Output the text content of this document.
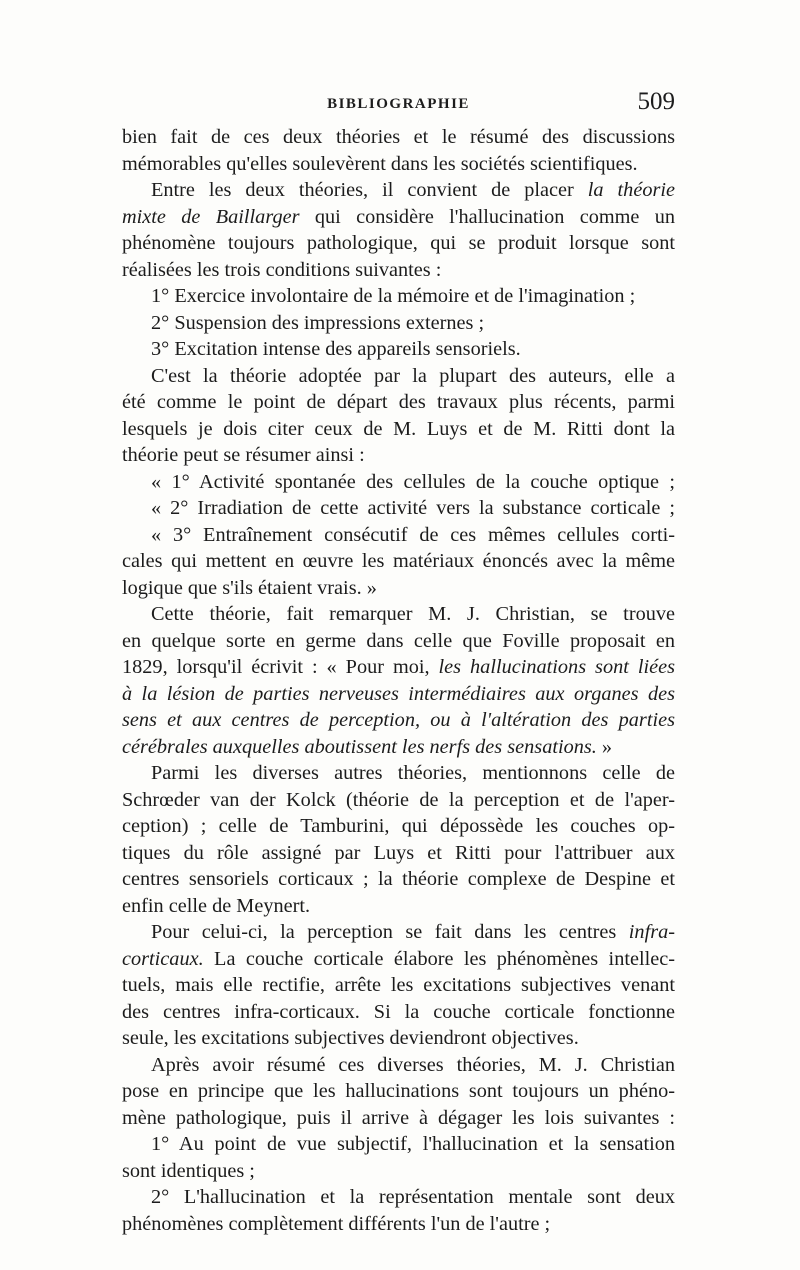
BIBLIOGRAPHIE	509
bien fait de ces deux théories et le résumé des discussions
mémorables qu'elles soulevèrent dans les sociétés scientifiques.
Entre les deux théories, il convient de placer la théorie
mixte de Baillarger qui considère l'hallucination comme un
phénomène toujours pathologique, qui se produit lorsque sont
réalisées les trois conditions suivantes :
1° Exercice involontaire de la mémoire et de l'imagination ;
2° Suspension des impressions externes ;
3° Excitation intense des appareils sensoriels.
C'est la théorie adoptée par la plupart des auteurs, elle a
été comme le point de départ des travaux plus récents, parmi
lesquels je dois citer ceux de M. Luys et de M. Ritti dont la
théorie peut se résumer ainsi :
« 1° Activité spontanée des cellules de la couche optique ;
« 2° Irradiation de cette activité vers la substance corticale ;
« 3° Entraînement consécutif de ces mêmes cellules corti-
cales qui mettent en œuvre les matériaux énoncés avec la même
logique que s'ils étaient vrais. »
Cette théorie, fait remarquer M. J. Christian, se trouve
en quelque sorte en germe dans celle que Foville proposait en
1829, lorsqu'il écrivit : « Pour moi, les hallucinations sont liées
à la lésion de parties nerveuses intermédiaires aux organes des
sens et aux centres de perception, ou à l'altération des parties
cérébrales auxquelles aboutissent les nerfs des sensations. »
Parmi les diverses autres théories, mentionnons celle de
Schrœder van der Kolck (théorie de la perception et de l'aper-
ception) ; celle de Tamburini, qui dépossède les couches op-
tiques du rôle assigné par Luys et Ritti pour l'attribuer aux
centres sensoriels corticaux ; la théorie complexe de Despine et
enfin celle de Meynert.
Pour celui-ci, la perception se fait dans les centres infra-
corticaux. La couche corticale élabore les phénomènes intellec-
tuels, mais elle rectifie, arrête les excitations subjectives venant
des centres infra-corticaux. Si la couche corticale fonctionne
seule, les excitations subjectives deviendront objectives.
Après avoir résumé ces diverses théories, M. J. Christian
pose en principe que les hallucinations sont toujours un phéno-
mène pathologique, puis il arrive à dégager les lois suivantes :
1° Au point de vue subjectif, l'hallucination et la sensation
sont identiques ;
2° L'hallucination et la représentation mentale sont deux
phénomènes complètement différents l'un de l'autre ;
